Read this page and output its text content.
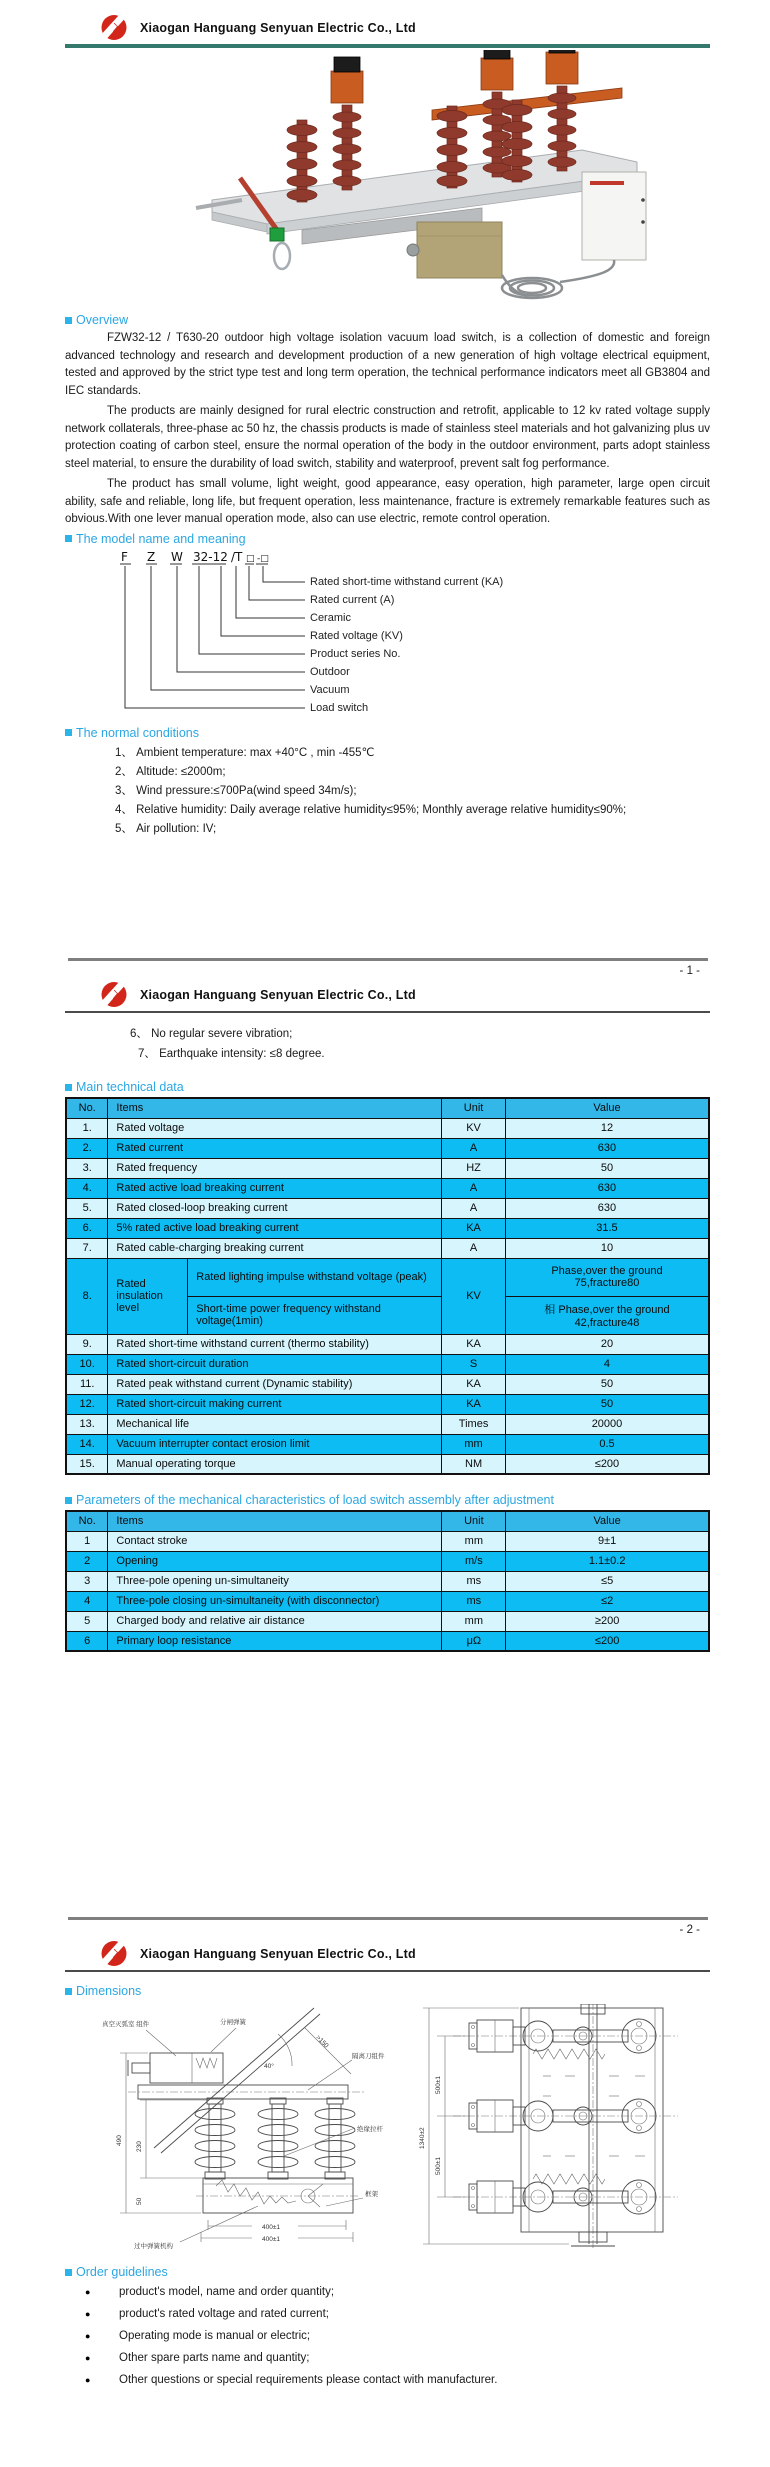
Xiaogan Hanguang Senyuan Electric Co., Ltd
Overview

FZW32-12 / T630-20 outdoor high voltage isolation vacuum load switch, is a collection of domestic and foreign advanced technology and research and development production of a new generation of high voltage electrical equipment, tested and approved by the strict type test and long term operation, the technical performance indicators meet all GB3804 and IEC standards.

The products are mainly designed for rural electric construction and retrofit, applicable to 12 kv rated voltage supply network collaterals, three-phase ac 50 hz, the chassis products is made of stainless steel materials and hot galvanizing plus uv protection coating of carbon steel, ensure the normal operation of the body in the outdoor environment, parts adopt stainless steel material, to ensure the durability of load switch, stability and waterproof, prevent salt fog performance.

The product has small volume, light weight, good appearance, easy operation, high parameter, large open circuit ability, safe and reliable, long life, but frequent operation, less maintenance, fracture is extremely remarkable features such as obvious.With one lever manual operation mode, also can use electric, remote control operation.

The model name and meaning
F Z W 32-12 /T □ -□
Rated short-time withstand current (KA)
Rated current (A)
Ceramic
Rated voltage (KV)
Product series No.
Outdoor
Vacuum
Load switch
The normal conditions

1、 Ambient temperature: max +40°C , min -455℃

2、 Altitude: ≤2000m;

3、 Wind pressure:≤700Pa(wind speed 34m/s);

4、 Relative humidity: Daily average relative humidity≤95%; Monthly average relative humidity≤90%;

5、 Air pollution: IV;

- 1 -
Xiaogan Hanguang Senyuan Electric Co., Ltd

6、 No regular severe vibration;

7、 Earthquake intensity: ≤8 degree.

Main technical data
No.	Items		Unit	Value
1.	Rated voltage		KV	12
2.	Rated current		A	630
3.	Rated frequency		HZ	50
4.	Rated active load breaking current		A	630
5.	Rated closed-loop breaking current		A	630
6.	5% rated active load breaking current		KA	31.5
7.	Rated cable-charging breaking current		A	10
8.	Rated insulation level	Rated lighting impulse withstand voltage (peak)	KV	Phase,over the ground 75,fracture80
		Short-time power frequency withstand voltage(1min)		相 Phase,over the ground 42,fracture48
9.	Rated short-time withstand current (thermo stability)		KA	20
10.	Rated short-circuit duration		S	4
11.	Rated peak withstand current (Dynamic stability)		KA	50
12.	Rated short-circuit making current		KA	50
13.	Mechanical life		Times	20000
14.	Vacuum interrupter contact erosion limit		mm	0.5
15.	Manual operating torque		NM	≤200
Parameters of the mechanical characteristics of load switch assembly after adjustment
No.	Items	Unit	Value
1	Contact stroke	mm	9±1
2	Opening	m/s	1.1±0.2
3	Three-pole opening un-simultaneity	ms	≤5
4	Three-pole closing un-simultaneity (with disconnector)	ms	≤2
5	Charged body and relative air distance	mm	≥200
6	Primary loop resistance	μΩ	≤200
- 2 -
Xiaogan Hanguang Senyuan Electric Co., Ltd
Dimensions
40°
>150
490
230
50
400±1
400±1
真空灭弧室 组件	分闸弹簧
隔离刀组件
绝缘拉杆
框架
过中弹簧机构
1340±2
500±1
500±1
Order guidelines
●	product's model, name and order quantity;
●	product's rated voltage and rated current;
●	Operating mode is manual or electric;
●	Other spare parts name and quantity;
●	Other questions or special requirements please contact with manufacturer.
